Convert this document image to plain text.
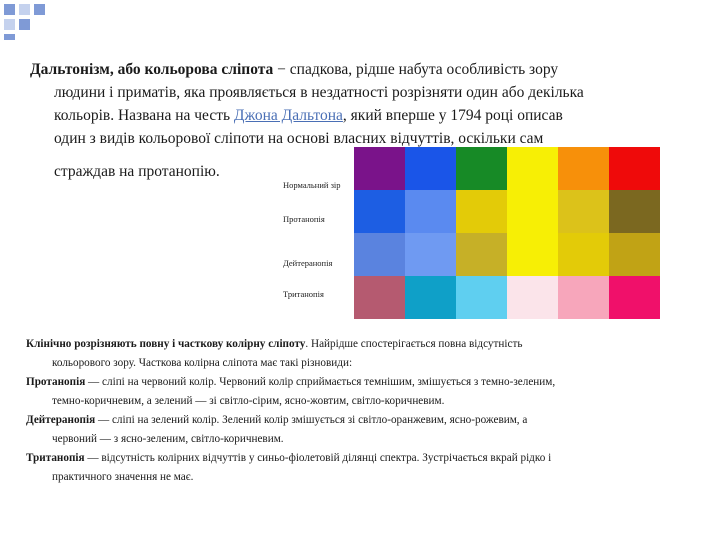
Дальтонізм, або кольорова сліпота − спадкова, рідше набута особливість зору
людини і приматів, яка проявляється в нездатності розрізняти один або декілька
кольорів. Названа на честь Джона Дальтона, який вперше у 1794 році описав
один з видів кольорової сліпоти на основі власних відчуттів, оскільки сам
страждав на протанопію.
Нормальний зір
Протанопія
Дейтеранопія
Тританопія

Клінічно розрізняють повну і часткову колірну сліпоту. Найрідше спостерігається повна відсутність
кольорового зору. Часткова колірна сліпота має такі різновиди:

Протанопія — сліпі на червоний колір. Червоний колір сприймається темнішим, змішується з темно-зеленим,
темно-коричневим, а зелений — зі світло-сірим, ясно-жовтим, світло-коричневим.

Дейтеранопія — сліпі на зелений колір. Зелений колір змішується зі світло-оранжевим, ясно-рожевим, а
червоний — з ясно-зеленим, світло-коричневим.

Тританопія — відсутність колірних відчуттів у синьо-фіолетовій ділянці спектра. Зустрічається вкрай рідко і
практичного значення не має.
